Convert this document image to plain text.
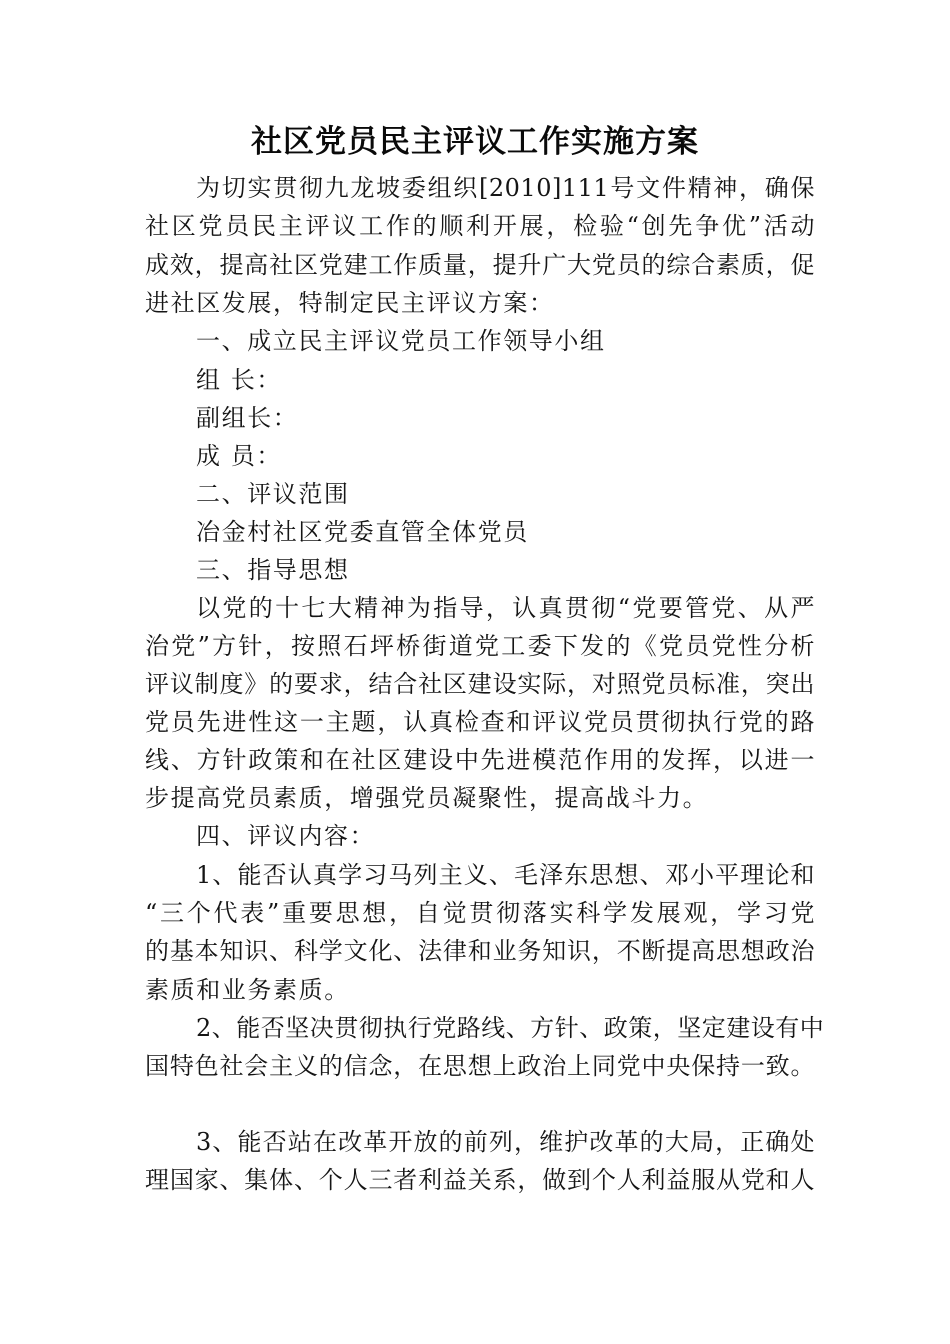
社区党员民主评议工作实施方案
为切实贯彻九龙坡委组织[2010]111号文件精神，确保
社区党员民主评议工作的顺利开展，检验“创先争优”活动
成效，提高社区党建工作质量，提升广大党员的综合素质，促
进社区发展，特制定民主评议方案：
一、成立民主评议党员工作领导小组
组 长：
副组长：
成 员：
二、评议范围
冶金村社区党委直管全体党员
三、指导思想
以党的十七大精神为指导，认真贯彻“党要管党、从严
治党”方针，按照石坪桥街道党工委下发的《党员党性分析
评议制度》的要求，结合社区建设实际，对照党员标准，突出
党员先进性这一主题，认真检查和评议党员贯彻执行党的路
线、方针政策和在社区建设中先进模范作用的发挥，以进一
步提高党员素质，增强党员凝聚性，提高战斗力。
四、评议内容：
1、能否认真学习马列主义、毛泽东思想、邓小平理论和
“三个代表”重要思想，自觉贯彻落实科学发展观，学习党
的基本知识、科学文化、法律和业务知识，不断提高思想政治
素质和业务素质。
2、能否坚决贯彻执行党路线、方针、政策，坚定建设有中
国特色社会主义的信念，在思想上政治上同党中央保持一致。
3、能否站在改革开放的前列，维护改革的大局，正确处
理国家、集体、个人三者利益关系，做到个人利益服从党和人
